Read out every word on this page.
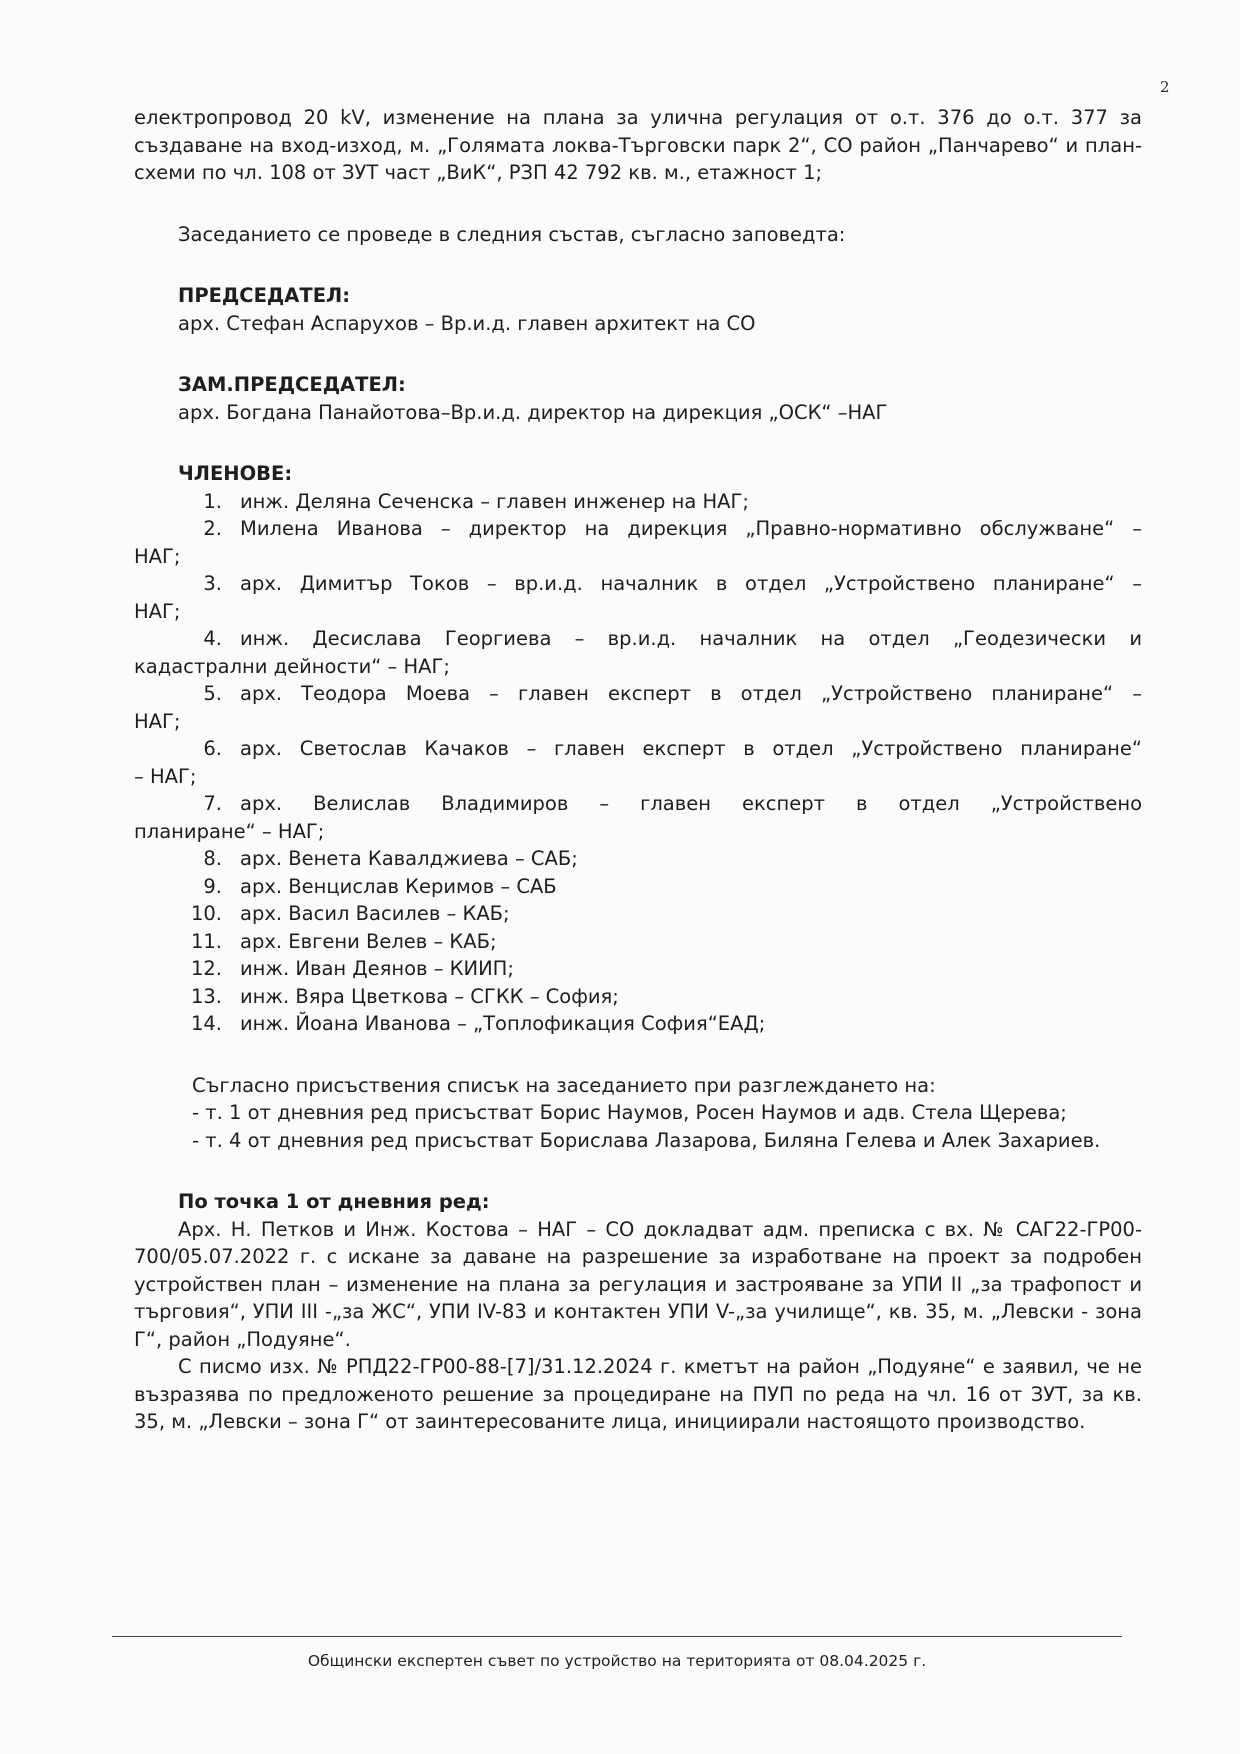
2

електропровод 20 kV, изменение на плана за улична регулация от о.т. 376 до о.т. 377 за създаване на вход-изход, м. „Голямата локва-Търговски парк 2“, СО район „Панчарево“ и план-схеми по чл. 108 от ЗУТ част „ВиК“, РЗП 42 792 кв. м., етажност 1;

Заседанието се проведе в следния състав, съгласно заповедта:

ПРЕДСЕДАТЕЛ:

арх. Стефан Аспарухов – Вр.и.д. главен архитект на СО

ЗАМ.ПРЕДСЕДАТЕЛ:

арх. Богдана Панайотова–Вр.и.д. директор на дирекция „ОСК“ –НАГ

ЧЛЕНОВЕ:

1. инж. Деляна Сеченска – главен инженер на НАГ;
2. Милена Иванова – директор на дирекция „Правно-нормативно обслужване“ –

НАГ;

3. арх. Димитър Токов – вр.и.д. началник в отдел „Устройствено планиране“ –

НАГ;

4. инж. Десислава Георгиева – вр.и.д. началник на отдел „Геодезически и

кадастрални дейности“ – НАГ;

5. арх. Теодора Моева – главен експерт в отдел „Устройствено планиране“ –

НАГ;

6. арх. Светослав Качаков – главен експерт в отдел „Устройствено планиране“

– НАГ;

7. арх. Велислав Владимиров – главен експерт в отдел „Устройствено

планиране“ – НАГ;

8. арх. Венета Кавалджиева – САБ;
9. арх. Венцислав Керимов – САБ
10. арх. Васил Василев – КАБ;
11. арх. Евгени Велев – КАБ;
12. инж. Иван Деянов – КИИП;
13. инж. Вяра Цветкова – СГКК – София;
14. инж. Йоана Иванова – „Топлофикация София“ЕАД;

Съгласно присъствения списък на заседанието при разглеждането на:

- т. 1 от дневния ред присъстват Борис Наумов, Росен Наумов и адв. Стела Щерева;

- т. 4 от дневния ред присъстват Борислава Лазарова, Биляна Гелева и Алек Захариев.

По точка 1 от дневния ред:

Арх. Н. Петков и Инж. Костова – НАГ – СО докладват адм. преписка с вх. № САГ22-ГР00-700/05.07.2022 г. с искане за даване на разрешение за изработване на проект за подробен устройствен план – изменение на плана за регулация и застрояване за УПИ II „за трафопост и търговия“, УПИ III -„за ЖС“, УПИ IV-83 и контактен УПИ V-„за училище“, кв. 35, м. „Левски - зона Г“, район „Подуяне“.

С писмо изх. № РПД22-ГР00-88-[7]/31.12.2024 г. кметът на район „Подуяне“ е заявил, че не възразява по предложеното решение за процедиране на ПУП по реда на чл. 16 от ЗУТ, за кв. 35, м. „Левски – зона Г“ от заинтересованите лица, инициирали настоящото производство.

Общински експертен съвет по устройство на територията от 08.04.2025 г.
